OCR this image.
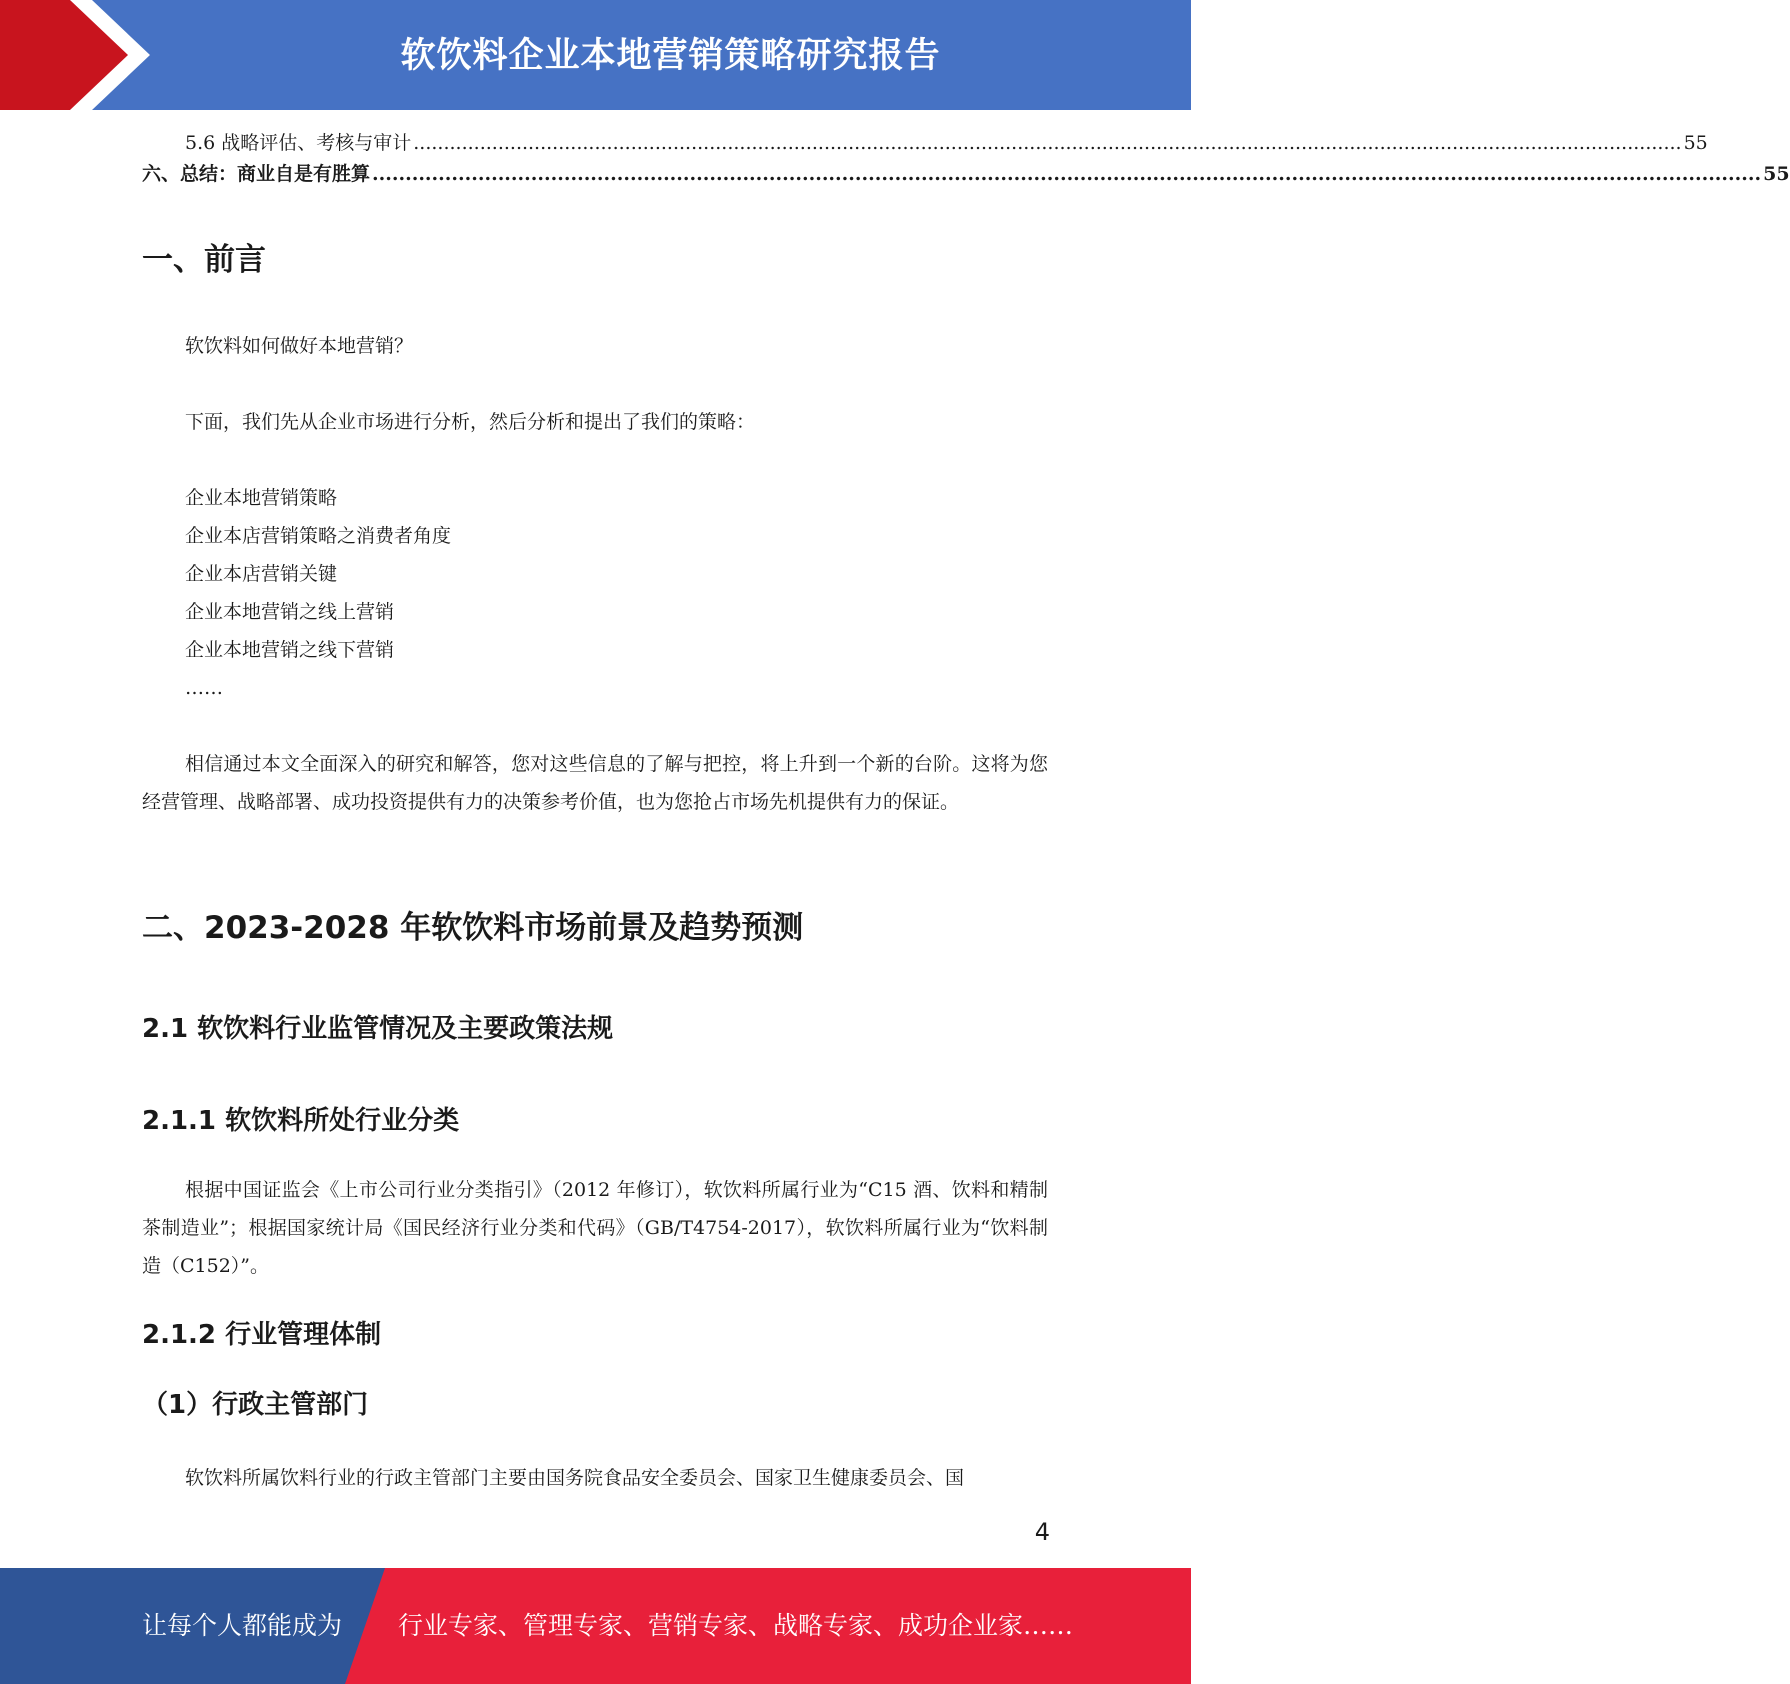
软饮料企业本地营销策略研究报告
5.6 战略评估、考核与审计 .................................................................................................................................................................................................................. 55
六、总结：商业自是有胜算 .................................................................................................................................................................................................................. 55
一、前言

软饮料如何做好本地营销？

下面，我们先从企业市场进行分析，然后分析和提出了我们的策略：

企业本地营销策略
企业本店营销策略之消费者角度
企业本店营销关键
企业本地营销之线上营销
企业本地营销之线下营销
……

相信通过本文全面深入的研究和解答，您对这些信息的了解与把控，将上升到一个新的台阶。这将为您经营管理、战略部署、成功投资提供有力的决策参考价值，也为您抢占市场先机提供有力的保证。

二、2023-2028 年软饮料市场前景及趋势预测
2.1 软饮料行业监管情况及主要政策法规
2.1.1 软饮料所处行业分类

根据中国证监会《上市公司行业分类指引》（2012 年修订），软饮料所属行业为“C15 酒、饮料和精制茶制造业”；根据国家统计局《国民经济行业分类和代码》（GB/T4754-2017），软饮料所属行业为“饮料制造（C152）”。

2.1.2 行业管理体制
（1）行政主管部门

软饮料所属饮料行业的行政主管部门主要由国务院食品安全委员会、国家卫生健康委员会、国

4
让每个人都能成为 行业专家、管理专家、营销专家、战略专家、成功企业家……
